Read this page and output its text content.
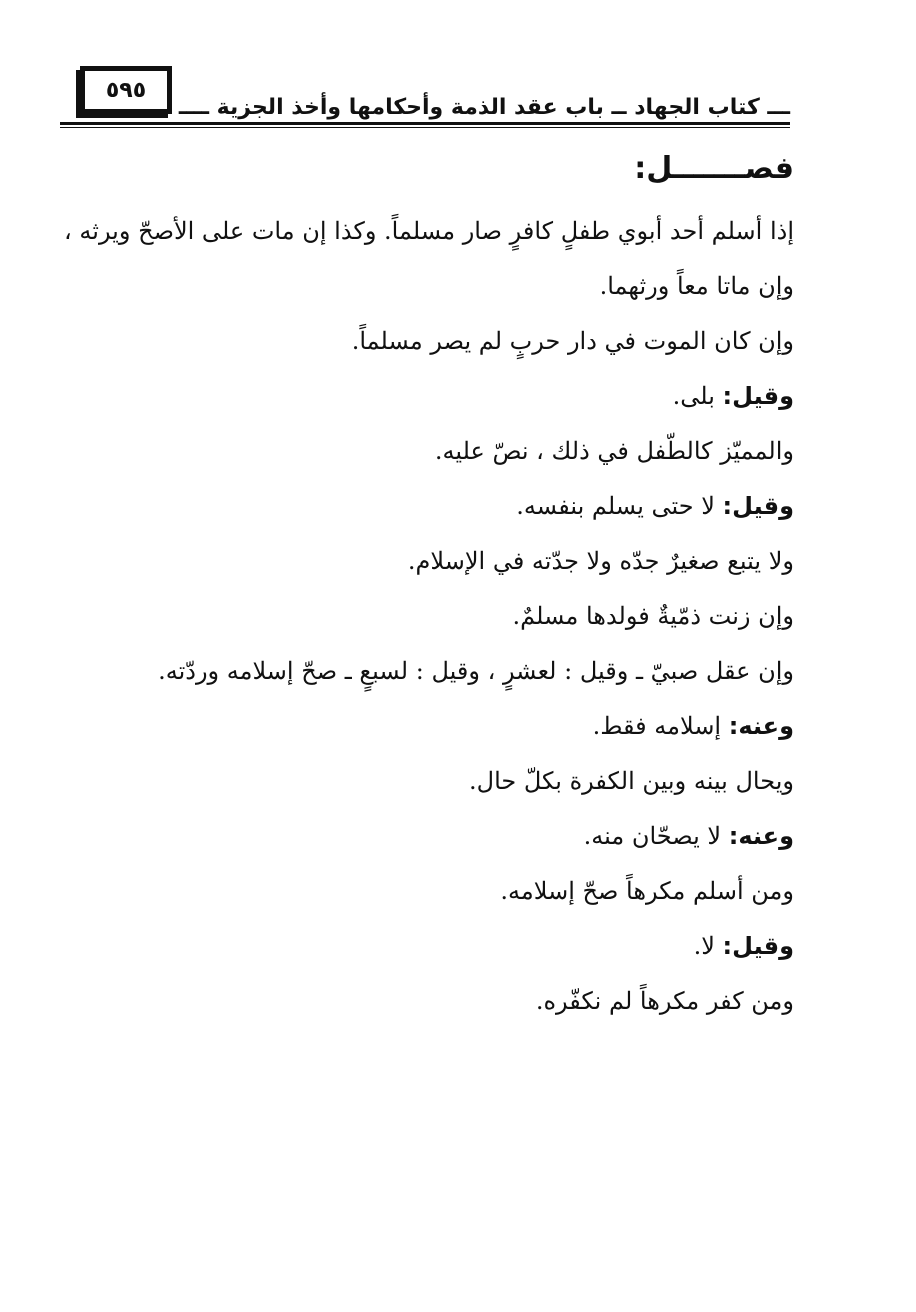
٥٩٥
ـــ كتاب الجهاد ــ باب عقد الذمة وأحكامها وأخذ الجزية ــــ
فصـــــــل:
إذا أسلم أحد أبوي طفلٍ كافرٍ صار مسلماً. وكذا إن مات على الأصحّ ويرثه ،
وإن ماتا معاً ورثهما.
وإن كان الموت في دار حربٍ لم يصر مسلماً.
وقيل: بلى.
والمميّز كالطّفل في ذلك ، نصّ عليه.
وقيل: لا حتى يسلم بنفسه.
ولا يتبع صغيرٌ جدّه ولا جدّته في الإسلام.
وإن زنت ذمّيةٌ فولدها مسلمٌ.
وإن عقل صبيّ ـ وقيل : لعشرٍ ، وقيل : لسبعٍ ـ صحّ إسلامه وردّته.
وعنه: إسلامه فقط.
ويحال بينه وبين الكفرة بكلّ حال.
وعنه: لا يصحّان منه.
ومن أسلم مكرهاً صحّ إسلامه.
وقيل: لا.
ومن كفر مكرهاً لم نكفّره.
